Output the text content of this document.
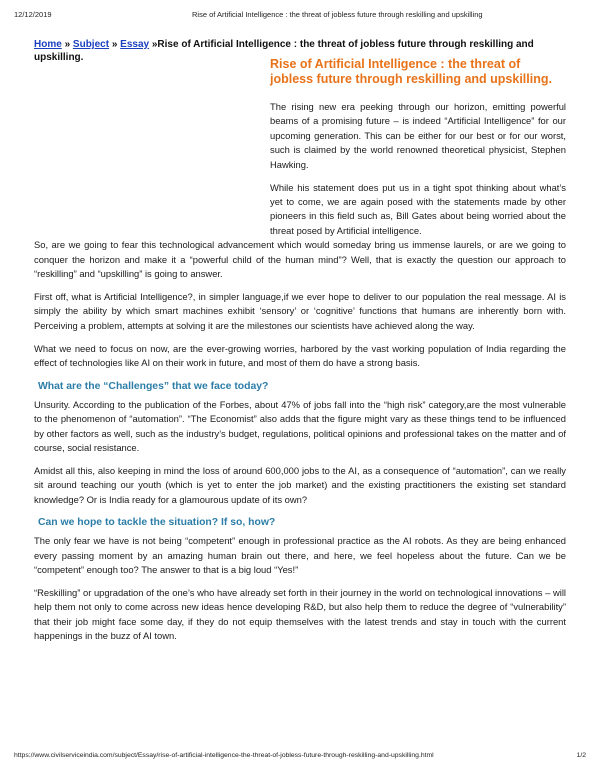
12/12/2019	Rise of Artificial Intelligence : the threat of jobless future through reskilling and upskilling
Home » Subject » Essay »Rise of Artificial Intelligence : the threat of jobless future through reskilling and upskilling.	Rise of Artificial Intelligence : the threat of jobless future through reskilling and upskilling.

The rising new era peeking through our horizon, emitting powerful beams of a promising future – is indeed “Artificial Intelligence” for our upcoming generation. This can be either for our best or for our worst, such is claimed by the world renowned theoretical physicist, Stephen Hawking.

While his statement does put us in a tight spot thinking about what’s yet to come, we are again posed with the statements made by other pioneers in this field such as, Bill Gates about being worried about the threat posed by Artificial intelligence.

So, are we going to fear this technological advancement which would someday bring us immense laurels, or are we going to conquer the horizon and make it a “powerful child of the human mind”? Well, that is exactly the question our approach to “reskilling” and “upskilling” is going to answer.

First off, what is Artificial Intelligence?, in simpler language,if we ever hope to deliver to our population the real message. AI is simply the ability by which smart machines exhibit ‘sensory’ or ‘cognitive’ functions that humans are inherently born with. Perceiving a problem, attempts at solving it are the milestones our scientists have achieved along the way.

What we need to focus on now, are the ever-growing worries, harbored by the vast working population of India regarding the effect of technologies like AI on their work in future, and most of them do have a strong basis.

What are the “Challenges” that we face today?

Unsurity. According to the publication of the Forbes, about 47% of jobs fall into the “high risk” category,are the most vulnerable to the phenomenon of “automation”. “The Economist” also adds that the figure might vary as these things tend to be influenced by other factors as well, such as the industry’s budget, regulations, political opinions and professional takes on the matter and of course, social resistance.

Amidst all this, also keeping in mind the loss of around 600,000 jobs to the AI, as a consequence of “automation”, can we really sit around teaching our youth (which is yet to enter the job market) and the existing practitioners the existing set standard knowledge? Or is India ready for a glamourous update of its own?

Can we hope to tackle the situation? If so, how?

The only fear we have is not being “competent” enough in professional practice as the AI robots. As they are being enhanced every passing moment by an amazing human brain out there, and here, we feel hopeless about the future. Can we be “competent” enough too? The answer to that is a big loud “Yes!”

“Reskilling” or upgradation of the one’s who have already set forth in their journey in the world on technological innovations – will help them not only to come across new ideas hence developing R&D, but also help them to reduce the degree of “vulnerability” that their job might face some day, if they do not equip themselves with the latest trends and stay in touch with the current happenings in the buzz of AI town.

https://www.civilserviceindia.com/subject/Essay/rise-of-artificial-intelligence-the-threat-of-jobless-future-through-reskilling-and-upskilling.html	1/2
